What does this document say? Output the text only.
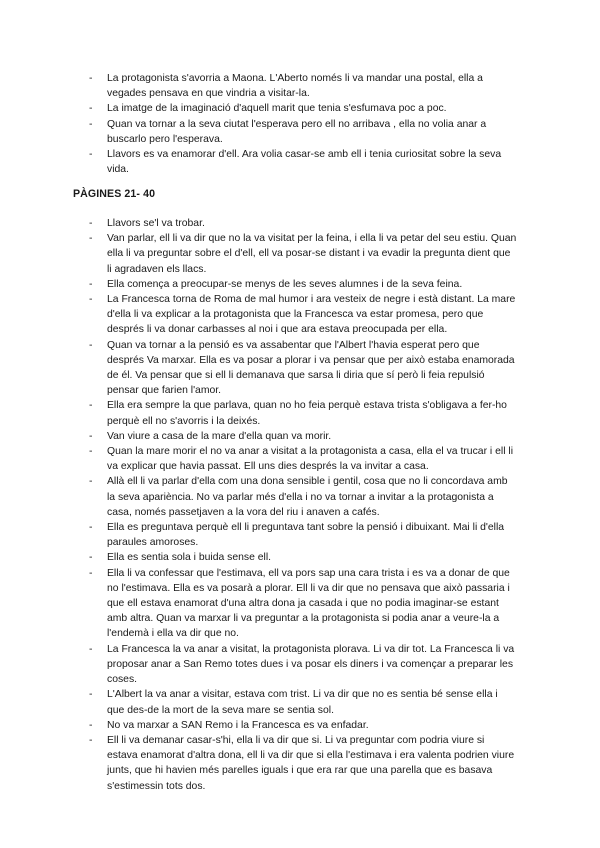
- La protagonista s'avorria a Maona. L'Aberto només li va mandar una postal, ella a vegades pensava en que vindria a visitar-la.
- La imatge de la imaginació d'aquell marit que tenia s'esfumava poc a poc.
- Quan va tornar a la seva ciutat l'esperava pero ell no arribava , ella no volia anar a buscarlo pero l'esperava.
- Llavors es va enamorar d'ell. Ara volia casar-se amb ell i tenia curiositat sobre la seva vida.
PÀGINES 21- 40
- Llavors se'l va trobar.
- Van parlar, ell li va dir que no la va visitat per la feina, i ella li va petar del seu estiu. Quan ella li va preguntar sobre el d'ell, ell va posar-se distant i va evadir la pregunta dient que li agradaven els llacs.
- Ella comença a preocupar-se menys de les seves alumnes i de la seva feina.
- La Francesca torna de Roma de mal humor i ara vesteix de negre i està distant. La mare d'ella li va explicar a la protagonista que la Francesca va estar promesa, pero que després li va donar carbasses al noi i que ara estava preocupada per ella.
- Quan va tornar a la pensió es va assabentar que l'Albert l'havia esperat pero que després Va marxar. Ella es va posar a plorar i va pensar que per això estaba enamorada de él. Va pensar que si ell li demanava que sarsa li diria que sí però li feia repulsió pensar que farien l'amor.
- Ella era sempre la que parlava, quan no ho feia perquè estava trista s'obligava a fer-ho perquè ell no s'avorris i la deixés.
- Van viure a casa de la mare d'ella quan va morir.
- Quan la mare morir el no va anar a visitat a la protagonista a casa, ella el va trucar i ell li va explicar que havia passat. Ell uns dies després la va invitar a casa.
- Allà ell li va parlar d'ella com una dona sensible i gentil, cosa que no li concordava amb la seva apariència. No va parlar més d'ella i no va tornar a invitar a la protagonista a casa, només passetjaven a la vora del riu i anaven a cafés.
- Ella es preguntava perquè ell li preguntava tant sobre la pensió i dibuixant. Mai li d'ella paraules amoroses.
- Ella es sentia sola i buida sense ell.
- Ella li va confessar que l'estimava, ell va pors sap una cara trista i es va a donar de que no l'estimava. Ella es va posarà a plorar. Ell li va dir que no pensava que això passaria i que ell estava enamorat d'una altra dona ja casada i que no podia imaginar-se estant amb altra. Quan va marxar li va preguntar a la protagonista si podia anar a veure-la a l'endemà i ella va dir que no.
- La Francesca la va anar a visitat, la protagonista plorava. Li va dir tot. La Francesca li va proposar anar a San Remo totes dues i va posar els diners i va començar a preparar les coses.
- L'Albert la va anar a visitar, estava com trist. Li va dir que no es sentia bé sense ella i que des-de la mort de la seva mare se sentia sol.
- No va marxar a SAN Remo i la Francesca es va enfadar.
- Ell li va demanar casar-s'hi, ella li va dir que si. Li va preguntar com podria viure si estava enamorat d'altra dona, ell li va dir que si ella l'estimava i era valenta podrien viure junts, que hi havien més parelles iguals i que era rar que una parella que es basava s'estimessin tots dos.
